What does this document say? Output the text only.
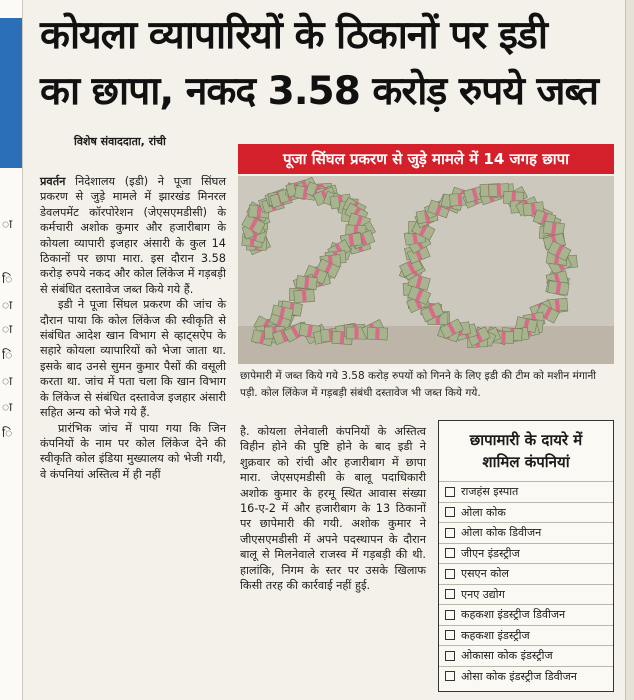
ा
ि
ा
ा
ि
ा
ा
ि
कोयला व्यापारियों के ठिकानों पर इडी
का छापा, नकद 3.58 करोड़ रुपये जब्त
विशेष संवाददाता, रांची
पूजा सिंघल प्रकरण से जुड़े मामले में 14 जगह छापा
छापेमारी में जब्त किये गये 3.58 करोड़ रुपयों को गिनने के लिए इडी की टीम को मशीन मंगानी पड़ी. कोल लिंकेज में गड़बड़ी संबंधी दस्तावेज भी जब्त किये गये.

प्रवर्तन निदेशालय (इडी) ने पूजा सिंघल प्रकरण से जुड़े मामले में झारखंड मिनरल डेवलपमेंट कॉरपोरेशन (जेएसएमडीसी) के कर्मचारी अशोक कुमार और हजारीबाग के कोयला व्यापारी इजहार अंसारी के कुल 14 ठिकानों पर छापा मारा. इस दौरान 3.58 करोड़ रुपये नकद और कोल लिंकेज में गड़बड़ी से संबंधित दस्तावेज जब्त किये गये हैं.

इडी ने पूजा सिंघल प्रकरण की जांच के दौरान पाया कि कोल लिंकेज की स्वीकृति से संबंधित आदेश खान विभाग से व्हाट्सऐप के सहारे कोयला व्यापारियों को भेजा जाता था. इसके बाद उनसे सुमन कुमार पैसों की वसूली करता था. जांच में पता चला कि खान विभाग के लिंकेज से संबंधित दस्तावेज इजहार अंसारी सहित अन्य को भेजे गये हैं.

प्रारंभिक जांच में पाया गया कि जिन कंपनियों के नाम पर कोल लिंकेज देने की स्वीकृति कोल इंडिया मुख्यालय को भेजी गयी, वे कंपनियां अस्तित्व में ही नहीं

है. कोयला लेनेवाली कंपनियों के अस्तित्व विहीन होने की पुष्टि होने के बाद इडी ने शुक्रवार को रांची और हजारीबाग में छापा मारा. जेएसएमडीसी के बालू पदाधिकारी अशोक कुमार के हरमू स्थित आवास संख्या 16-ए-2 में और हजारीबाग के 13 ठिकानों पर छापेमारी की गयी. अशोक कुमार ने जीएसएमडीसी में अपने पदस्थापन के दौरान बालू से मिलनेवाले राजस्व में गड़बड़ी की थी. हालांकि, निगम के स्तर पर उसके खिलाफ किसी तरह की कार्रवाई नहीं हुई.

छापामारी के दायरे में
शामिल कंपनियां
राजहंस इस्पात
ओला कोक
ओला कोक डिवीजन
जीएन इंडस्ट्रीज
एसएन कोल
एनए उद्योग
कहकशा इंडस्ट्रीज डिवीजन
कहकशा इंडस्ट्रीज
ओकासा कोक इंडस्ट्रीज
ओसा कोक इंडस्ट्रीज डिवीजन
